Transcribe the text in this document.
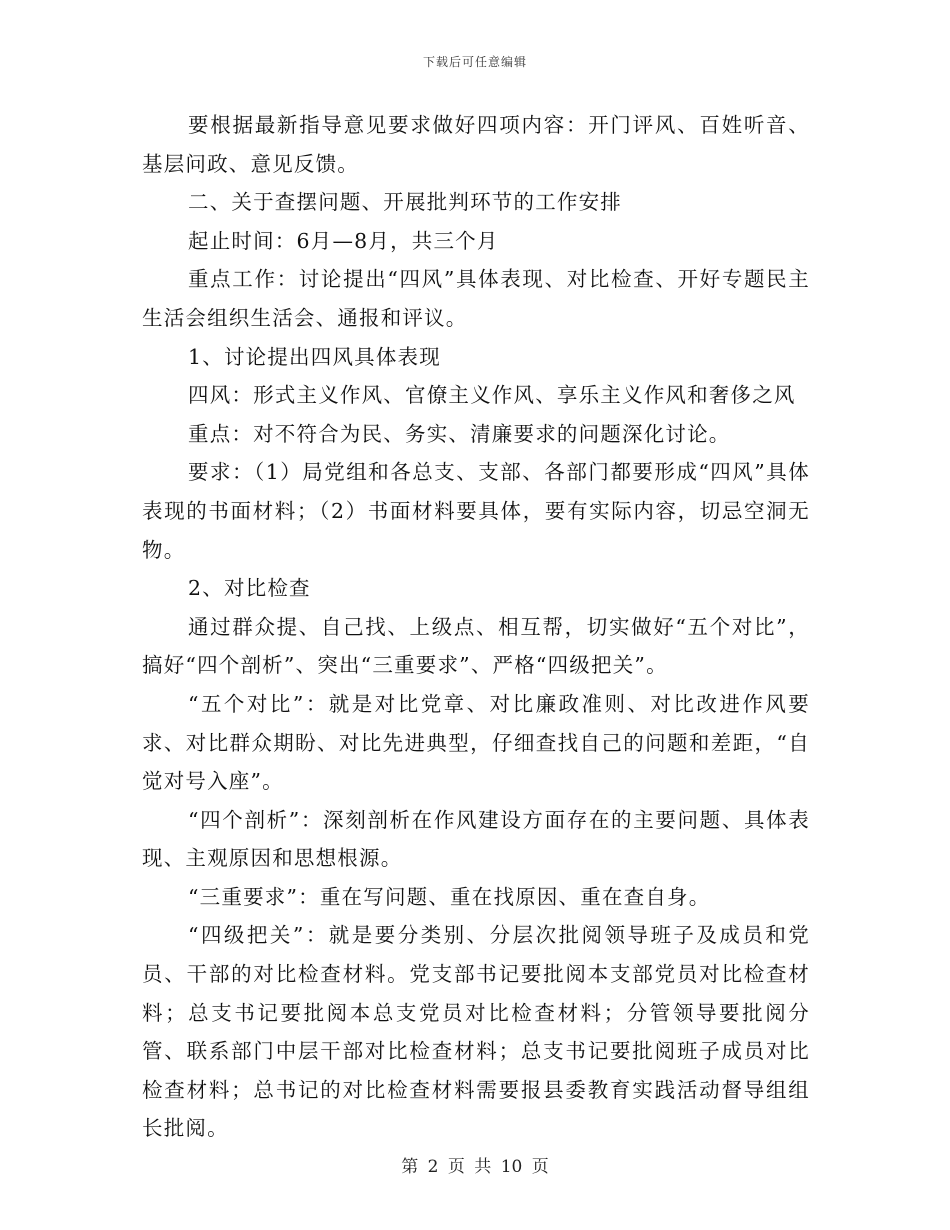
下载后可任意编辑

要根据最新指导意见要求做好四项内容：开门评风、百姓听音、基层问政、意见反馈。

二、关于查摆问题、开展批判环节的工作安排

起止时间：6月—8月，共三个月

重点工作：讨论提出“四风”具体表现、对比检查、开好专题民主生活会组织生活会、通报和评议。

1、讨论提出四风具体表现

四风：形式主义作风、官僚主义作风、享乐主义作风和奢侈之风

重点：对不符合为民、务实、清廉要求的问题深化讨论。

要求：（1）局党组和各总支、支部、各部门都要形成“四风”具体表现的书面材料；（2）书面材料要具体，要有实际内容，切忌空洞无物。

2、对比检查

通过群众提、自己找、上级点、相互帮，切实做好“五个对比”，搞好“四个剖析”、突出“三重要求”、严格“四级把关”。

“五个对比”：就是对比党章、对比廉政准则、对比改进作风要求、对比群众期盼、对比先进典型，仔细查找自己的问题和差距，“自觉对号入座”。

“四个剖析”：深刻剖析在作风建设方面存在的主要问题、具体表现、主观原因和思想根源。

“三重要求”：重在写问题、重在找原因、重在查自身。

“四级把关”：就是要分类别、分层次批阅领导班子及成员和党员、干部的对比检查材料。党支部书记要批阅本支部党员对比检查材料；总支书记要批阅本总支党员对比检查材料；分管领导要批阅分管、联系部门中层干部对比检查材料；总支书记要批阅班子成员对比检查材料；总书记的对比检查材料需要报县委教育实践活动督导组组长批阅。

第 2 页 共 10 页
